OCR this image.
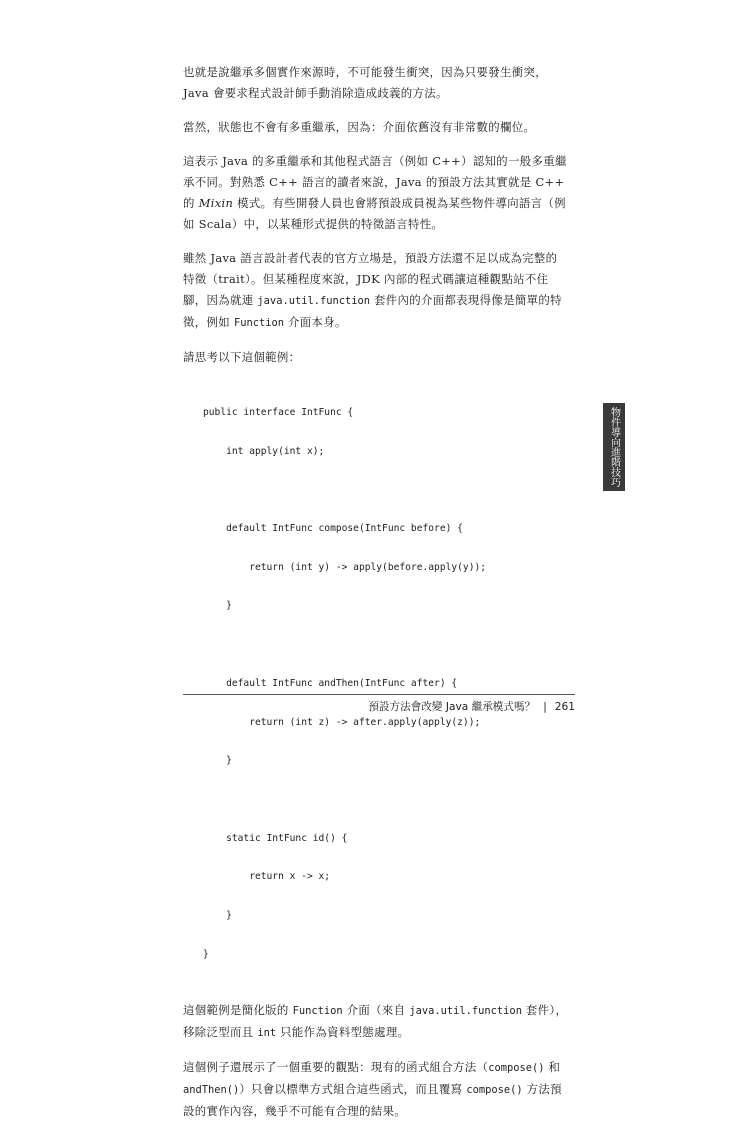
也就是說繼承多個實作來源時，不可能發生衝突，因為只要發生衝突，
Java 會要求程式設計師手動消除造成歧義的方法。

當然，狀態也不會有多重繼承，因為：介面依舊沒有非常數的欄位。

這表示 Java 的多重繼承和其他程式語言（例如 C++）認知的一般多重繼
承不同。對熟悉 C++ 語言的讀者來說，Java 的預設方法其實就是 C++
的 Mixin 模式。有些開發人員也會將預設成員視為某些物件導向語言（例
如 Scala）中，以某種形式提供的特徵語言特性。

雖然 Java 語言設計者代表的官方立場是，預設方法還不足以成為完整的
特徵（trait）。但某種程度來說，JDK 內部的程式碼讓這種觀點站不住
腳，因為就連 java.util.function 套件內的介面都表現得像是簡單的特
徵，例如 Function 介面本身。

請思考以下這個範例：

public interface IntFunc {

int apply(int x);

default IntFunc compose(IntFunc before) {

return (int y) -> apply(before.apply(y));

}

default IntFunc andThen(IntFunc after) {

return (int z) -> after.apply(apply(z));

}

static IntFunc id() {

return x -> x;

}

}

這個範例是簡化版的 Function 介面（來自 java.util.function 套件），
移除泛型而且 int 只能作為資料型態處理。

這個例子還展示了一個重要的觀點：現有的函式組合方法（compose() 和
andThen()）只會以標準方式組合這些函式，而且覆寫 compose() 方法預
設的實作內容，幾乎不可能有合理的結果。

物件導向進階技巧
預設方法會改變 Java 繼承模式嗎？ | 261
